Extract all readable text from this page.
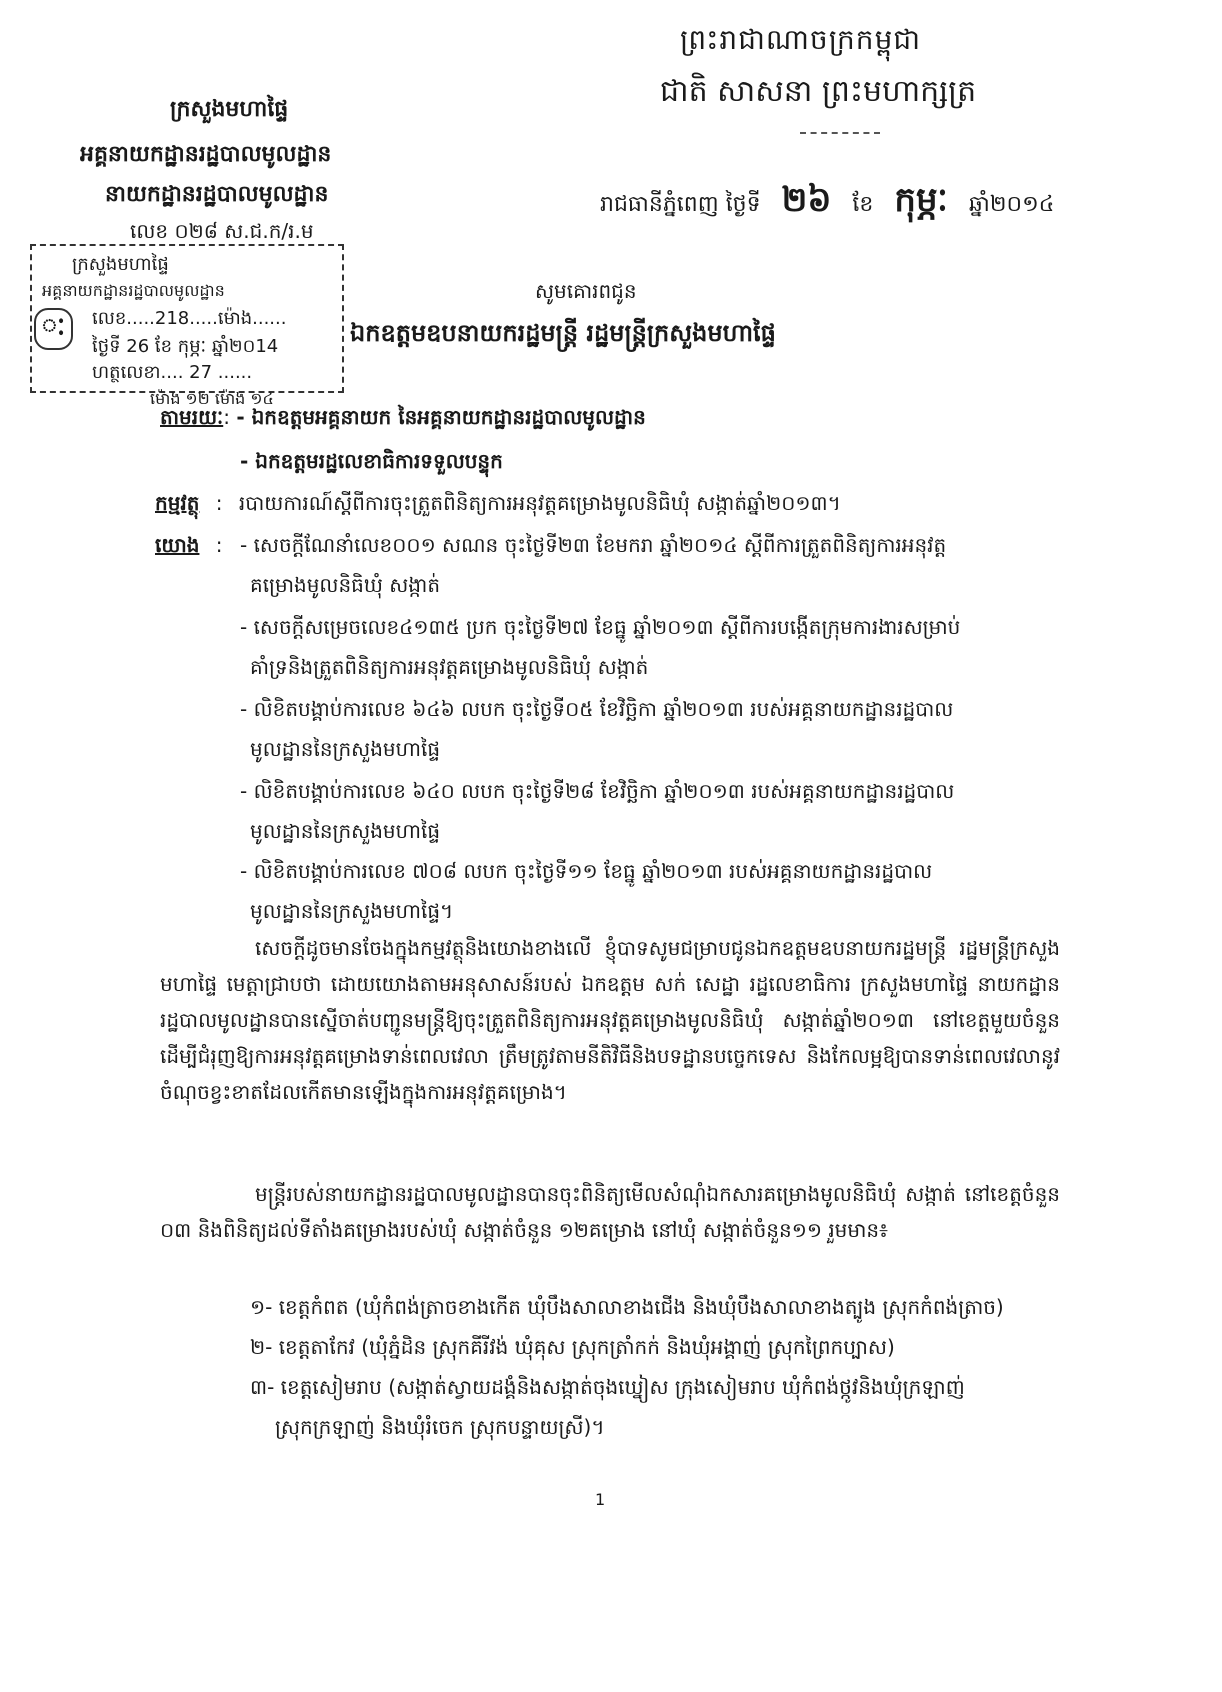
ព្រះរាជាណាចក្រកម្ពុជា
ជាតិ សាសនា ព្រះមហាក្សត្រ
ក្រសួងមហាផ្ទៃ
អគ្គនាយកដ្ឋានរដ្ឋបាលមូលដ្ឋាន
នាយកដ្ឋានរដ្ឋបាលមូលដ្ឋាន
លេខ ០២៨ ស.ជ.ក/រ.ម
រាជធានីភ្នំពេញ ថ្ងៃទី ២៦ ខែ កុម្ភៈ ឆ្នាំ២០១៤
ៈ
ក្រសួងមហាផ្ទៃ
អគ្គនាយកដ្ឋានរដ្ឋបាលមូលដ្ឋាន
លេខ.....218.....ម៉ោង......
ថ្ងៃទី 26 ខែ កុម្ភៈ ឆ្នាំ២០14
ហត្ថលេខា.... 27 ......
ម៉ោង ១២ ម៉ោង ១៤
សូមគោរពជូន
ឯកឧត្តមឧបនាយករដ្ឋមន្ត្រី រដ្ឋមន្ត្រីក្រសួងមហាផ្ទៃ
តាមរយៈ: - ឯកឧត្តមអគ្គនាយក នៃអគ្គនាយកដ្ឋានរដ្ឋបាលមូលដ្ឋាន
- ឯកឧត្តមរដ្ឋលេខាធិការទទួលបន្ទុក
កម្មវត្ថុ : របាយការណ៍ស្តីពីការចុះត្រួតពិនិត្យការអនុវត្តគម្រោងមូលនិធិឃុំ សង្កាត់ឆ្នាំ២០១៣។
យោង : - សេចក្តីណែនាំលេខ០០១ សណន ចុះថ្ងៃទី២៣ ខែមករា ឆ្នាំ២០១៤ ស្តីពីការត្រួតពិនិត្យការអនុវត្ត
គម្រោងមូលនិធិឃុំ សង្កាត់
- សេចក្តីសម្រេចលេខ៤១៣៥ ប្រក ចុះថ្ងៃទី២៧ ខែធ្នូ ឆ្នាំ២០១៣ ស្តីពីការបង្កើតក្រុមការងារសម្រាប់
គាំទ្រនិងត្រួតពិនិត្យការអនុវត្តគម្រោងមូលនិធិឃុំ សង្កាត់
- លិខិតបង្គាប់ការលេខ ៦៤៦ លបក ចុះថ្ងៃទី០៥ ខែវិច្ឆិកា ឆ្នាំ២០១៣ របស់អគ្គនាយកដ្ឋានរដ្ឋបាល
មូលដ្ឋាននៃក្រសួងមហាផ្ទៃ
- លិខិតបង្គាប់ការលេខ ៦៤០ លបក ចុះថ្ងៃទី២៨ ខែវិច្ឆិកា ឆ្នាំ២០១៣ របស់អគ្គនាយកដ្ឋានរដ្ឋបាល
មូលដ្ឋាននៃក្រសួងមហាផ្ទៃ
- លិខិតបង្គាប់ការលេខ ៧០៨ លបក ចុះថ្ងៃទី១១ ខែធ្នូ ឆ្នាំ២០១៣ របស់អគ្គនាយកដ្ឋានរដ្ឋបាល
មូលដ្ឋាននៃក្រសួងមហាផ្ទៃ។

សេចក្តីដូចមានចែងក្នុងកម្មវត្ថុនិងយោងខាងលើ ខ្ញុំបាទសូមជម្រាបជូនឯកឧត្តមឧបនាយករដ្ឋមន្ត្រី រដ្ឋមន្ត្រីក្រសួងមហាផ្ទៃ មេត្តាជ្រាបថា ដោយយោងតាមអនុសាសន៍របស់ ឯកឧត្តម សក់ សេដ្ឋា រដ្ឋលេខាធិការ ក្រសួងមហាផ្ទៃ នាយកដ្ឋានរដ្ឋបាលមូលដ្ឋានបានស្នើចាត់បញ្ជូនមន្ត្រីឱ្យចុះត្រួតពិនិត្យការអនុវត្តគម្រោងមូលនិធិឃុំ សង្កាត់ឆ្នាំ២០១៣ នៅខេត្តមួយចំនួន ដើម្បីជំរុញឱ្យការអនុវត្តគម្រោងទាន់ពេលវេលា ត្រឹមត្រូវតាមនីតិវិធីនិងបទដ្ឋានបច្ចេកទេស និងកែលម្អឱ្យបានទាន់ពេលវេលានូវចំណុចខ្វះខាតដែលកើតមានឡើងក្នុងការអនុវត្តគម្រោង។

មន្ត្រីរបស់នាយកដ្ឋានរដ្ឋបាលមូលដ្ឋានបានចុះពិនិត្យមើលសំណុំឯកសារគម្រោងមូលនិធិឃុំ សង្កាត់ នៅខេត្តចំនួន ០៣ និងពិនិត្យដល់ទីតាំងគម្រោងរបស់ឃុំ សង្កាត់ចំនួន ១២គម្រោង នៅឃុំ សង្កាត់ចំនួន១១ រួមមាន៖

១- ខេត្តកំពត (ឃុំកំពង់ត្រាចខាងកើត ឃុំបឹងសាលាខាងជើង និងឃុំបឹងសាលាខាងត្បូង ស្រុកកំពង់ត្រាច)
២- ខេត្តតាកែវ (ឃុំភ្នំដិន ស្រុកគីរីវង់ ឃុំគុស ស្រុកត្រាំកក់ និងឃុំអង្គាញ់ ស្រុកព្រៃកប្បាស)
៣- ខេត្តសៀមរាប (សង្កាត់ស្វាយដង្គំនិងសង្កាត់ចុងឃ្នៀស ក្រុងសៀមរាប ឃុំកំពង់ថ្កូវនិងឃុំក្រឡាញ់
ស្រុកក្រឡាញ់ និងឃុំរំចេក ស្រុកបន្ទាយស្រី)។
1
